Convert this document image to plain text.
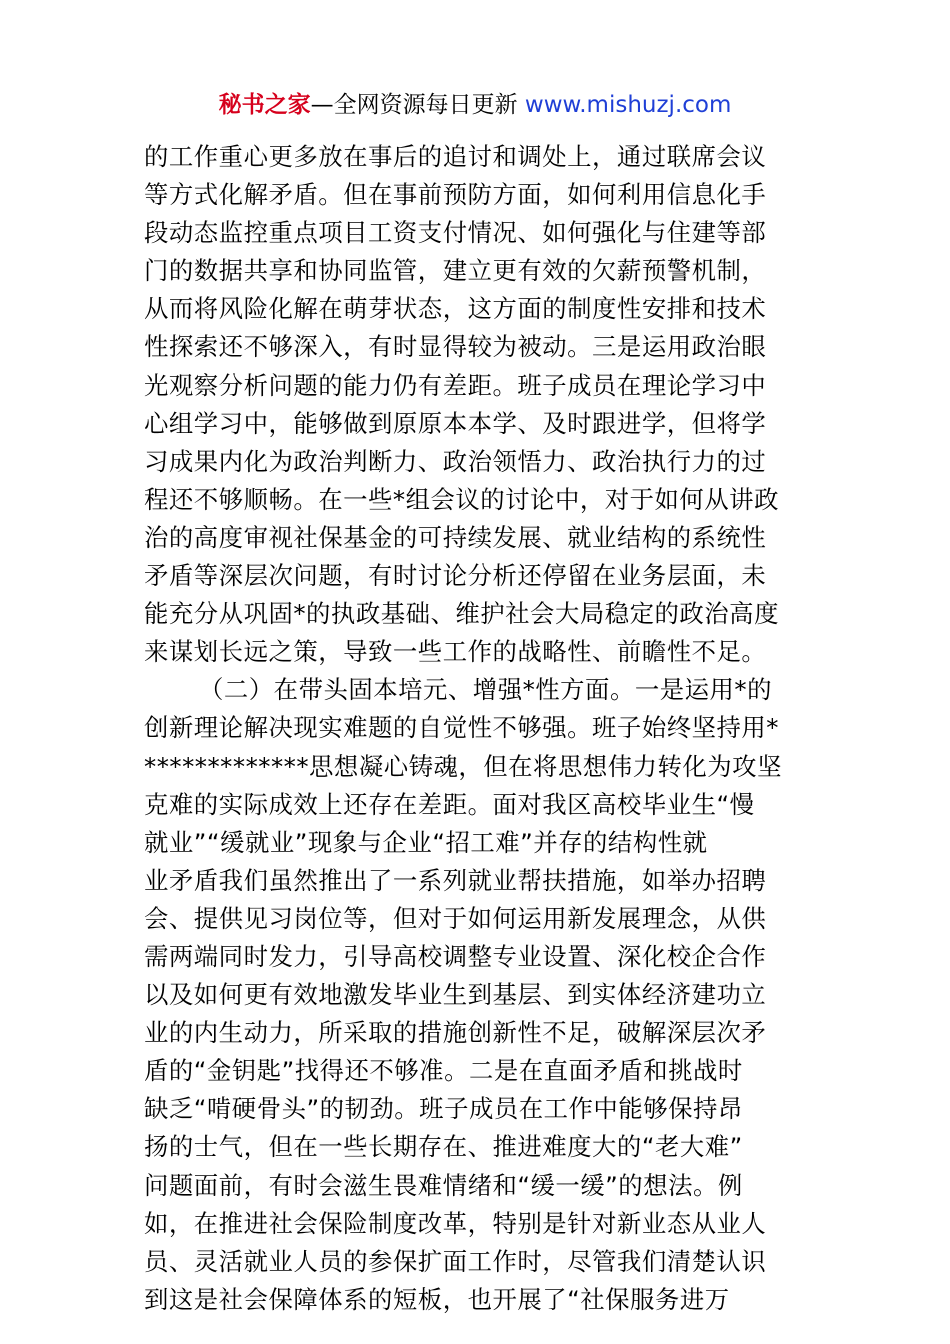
秘书之家—全网资源每日更新 www.mishuzj.com
的工作重心更多放在事后的追讨和调处上，通过联席会议
等方式化解矛盾。但在事前预防方面，如何利用信息化手
段动态监控重点项目工资支付情况、如何强化与住建等部
门的数据共享和协同监管，建立更有效的欠薪预警机制，
从而将风险化解在萌芽状态，这方面的制度性安排和技术
性探索还不够深入，有时显得较为被动。三是运用政治眼
光观察分析问题的能力仍有差距。班子成员在理论学习中
心组学习中，能够做到原原本本学、及时跟进学，但将学
习成果内化为政治判断力、政治领悟力、政治执行力的过
程还不够顺畅。在一些*组会议的讨论中，对于如何从讲政
治的高度审视社保基金的可持续发展、就业结构的系统性
矛盾等深层次问题，有时讨论分析还停留在业务层面，未
能充分从巩固*的执政基础、维护社会大局稳定的政治高度
来谋划长远之策，导致一些工作的战略性、前瞻性不足。
（二）在带头固本培元、增强*性方面。一是运用*的
创新理论解决现实难题的自觉性不够强。班子始终坚持用*
*************思想凝心铸魂，但在将思想伟力转化为攻坚
克难的实际成效上还存在差距。面对我区高校毕业生“慢
就业”“缓就业”现象与企业“招工难”并存的结构性就
业矛盾我们虽然推出了一系列就业帮扶措施，如举办招聘
会、提供见习岗位等，但对于如何运用新发展理念，从供
需两端同时发力，引导高校调整专业设置、深化校企合作
以及如何更有效地激发毕业生到基层、到实体经济建功立
业的内生动力，所采取的措施创新性不足，破解深层次矛
盾的“金钥匙”找得还不够准。二是在直面矛盾和挑战时
缺乏“啃硬骨头”的韧劲。班子成员在工作中能够保持昂
扬的士气，但在一些长期存在、推进难度大的“老大难”
问题面前，有时会滋生畏难情绪和“缓一缓”的想法。例
如，在推进社会保险制度改革，特别是针对新业态从业人
员、灵活就业人员的参保扩面工作时，尽管我们清楚认识
到这是社会保障体系的短板，也开展了“社保服务进万
